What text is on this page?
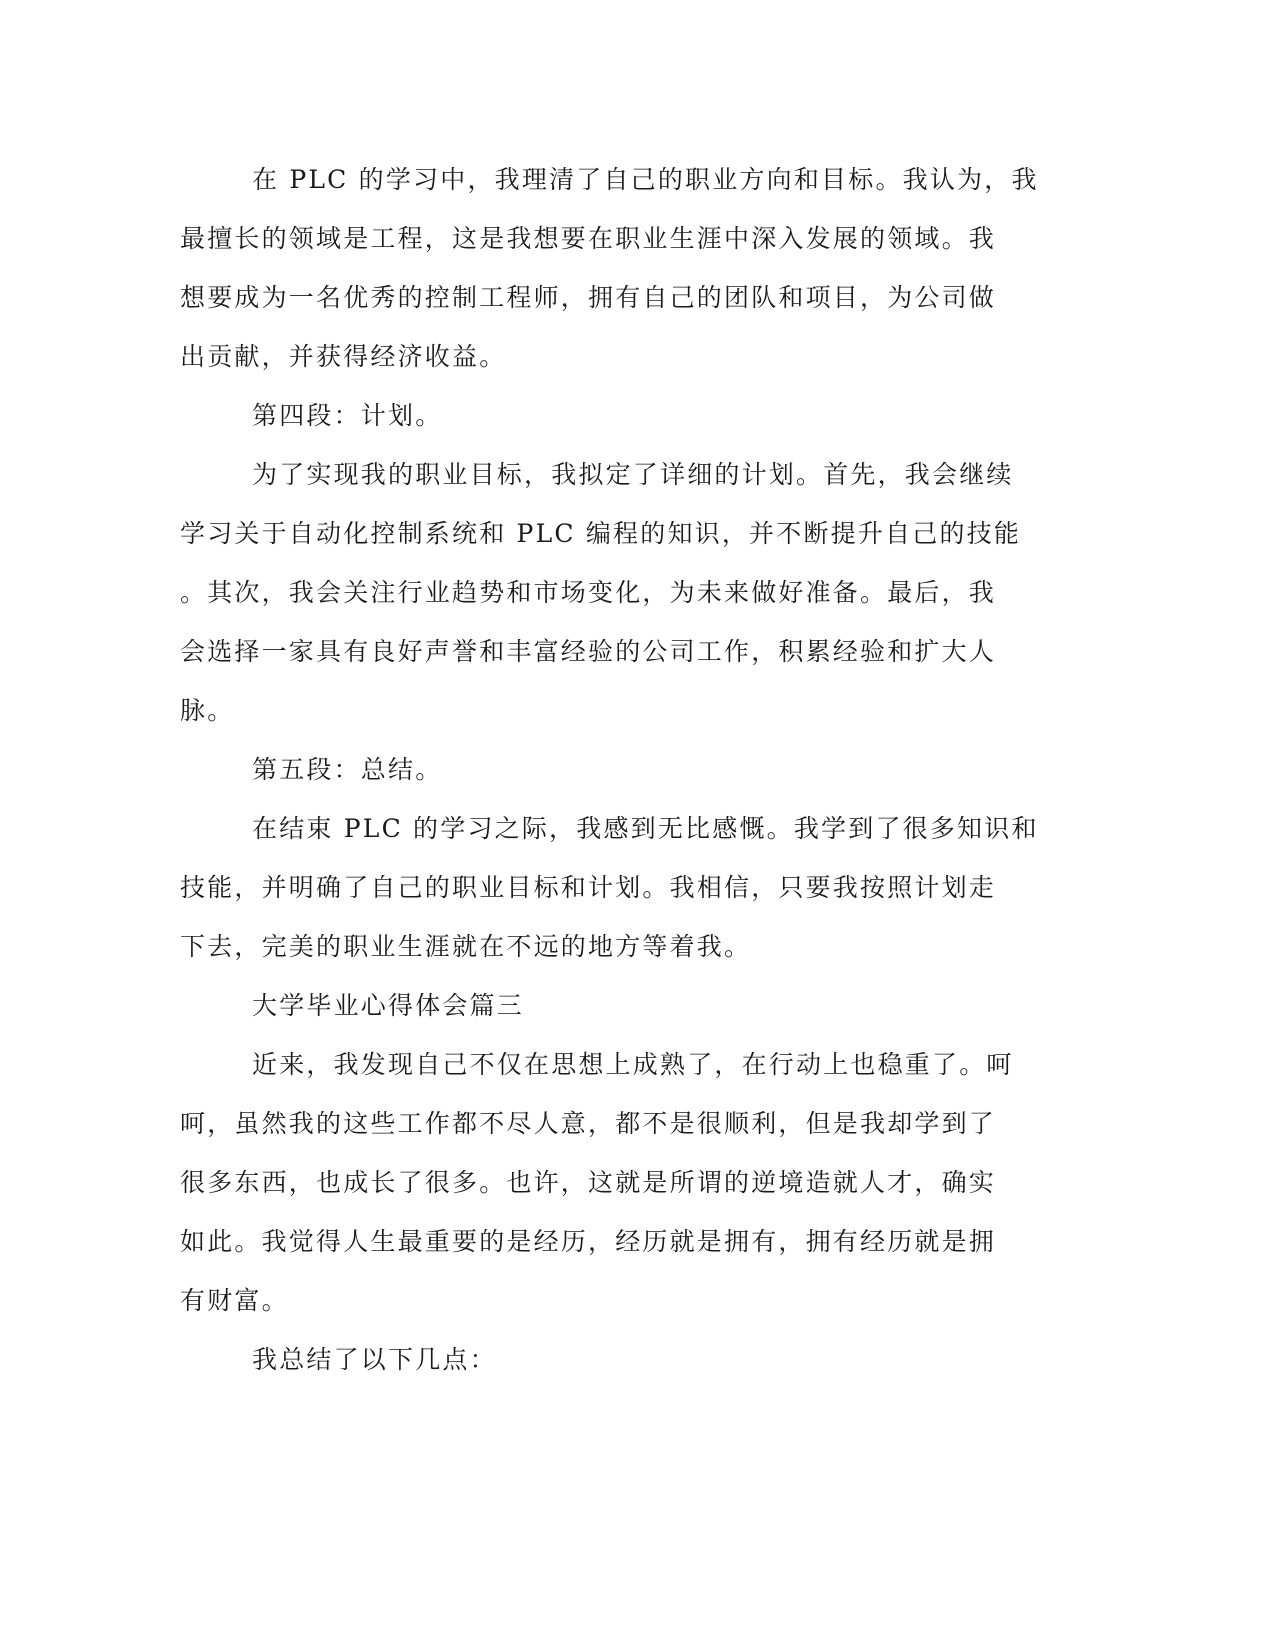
在 PLC 的学习中，我理清了自己的职业方向和目标。我认为，我

最擅长的领域是工程，这是我想要在职业生涯中深入发展的领域。我

想要成为一名优秀的控制工程师，拥有自己的团队和项目，为公司做

出贡献，并获得经济收益。

第四段：计划。

为了实现我的职业目标，我拟定了详细的计划。首先，我会继续

学习关于自动化控制系统和 PLC 编程的知识，并不断提升自己的技能

。其次，我会关注行业趋势和市场变化，为未来做好准备。最后，我

会选择一家具有良好声誉和丰富经验的公司工作，积累经验和扩大人

脉。

第五段：总结。

在结束 PLC 的学习之际，我感到无比感慨。我学到了很多知识和

技能，并明确了自己的职业目标和计划。我相信，只要我按照计划走

下去，完美的职业生涯就在不远的地方等着我。

大学毕业心得体会篇三

近来，我发现自己不仅在思想上成熟了，在行动上也稳重了。呵

呵，虽然我的这些工作都不尽人意，都不是很顺利，但是我却学到了

很多东西，也成长了很多。也许，这就是所谓的逆境造就人才，确实

如此。我觉得人生最重要的是经历，经历就是拥有，拥有经历就是拥

有财富。

我总结了以下几点：
